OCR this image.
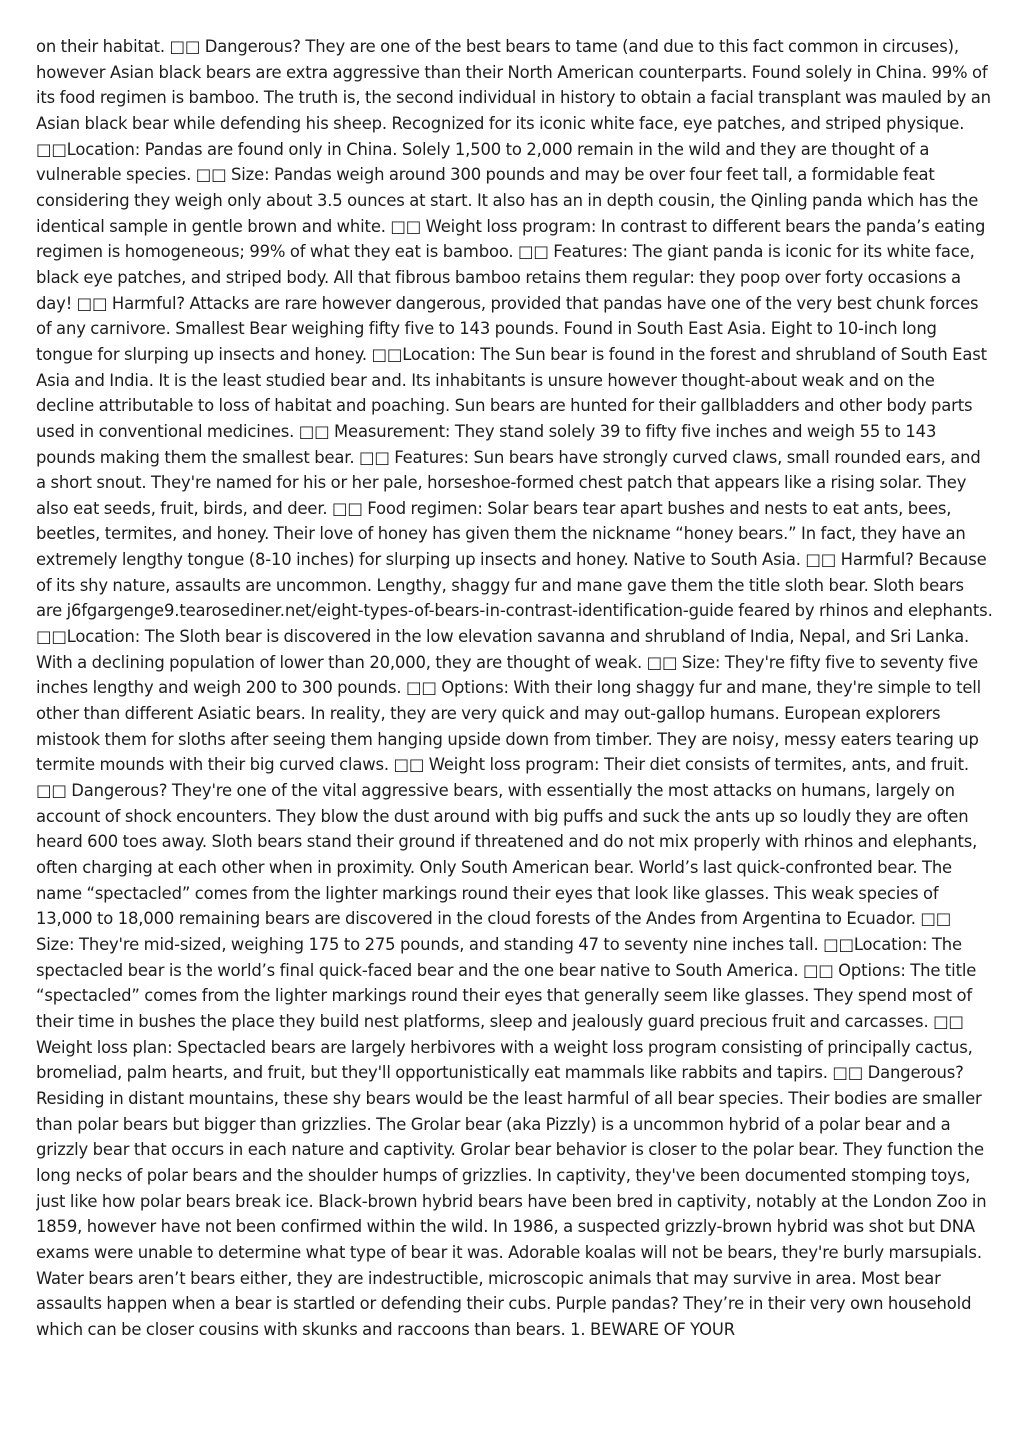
on their habitat. □□ Dangerous? They are one of the best bears to tame (and due to this fact common in circuses), however Asian black bears are extra aggressive than their North American counterparts. Found solely in China. 99% of its food regimen is bamboo. The truth is, the second individual in history to obtain a facial transplant was mauled by an Asian black bear while defending his sheep. Recognized for its iconic white face, eye patches, and striped physique. □□Location: Pandas are found only in China. Solely 1,500 to 2,000 remain in the wild and they are thought of a vulnerable species. □□ Size: Pandas weigh around 300 pounds and may be over four feet tall, a formidable feat considering they weigh only about 3.5 ounces at start. It also has an in depth cousin, the Qinling panda which has the identical sample in gentle brown and white. □□ Weight loss program: In contrast to different bears the panda’s eating regimen is homogeneous; 99% of what they eat is bamboo. □□ Features: The giant panda is iconic for its white face, black eye patches, and striped body. All that fibrous bamboo retains them regular: they poop over forty occasions a day! □□ Harmful? Attacks are rare however dangerous, provided that pandas have one of the very best chunk forces of any carnivore. Smallest Bear weighing fifty five to 143 pounds. Found in South East Asia. Eight to 10-inch long tongue for slurping up insects and honey. □□Location: The Sun bear is found in the forest and shrubland of South East Asia and India. It is the least studied bear and. Its inhabitants is unsure however thought-about weak and on the decline attributable to loss of habitat and poaching. Sun bears are hunted for their gallbladders and other body parts used in conventional medicines. □□ Measurement: They stand solely 39 to fifty five inches and weigh 55 to 143 pounds making them the smallest bear. □□ Features: Sun bears have strongly curved claws, small rounded ears, and a short snout. They're named for his or her pale, horseshoe-formed chest patch that appears like a rising solar. They also eat seeds, fruit, birds, and deer. □□ Food regimen: Solar bears tear apart bushes and nests to eat ants, bees, beetles, termites, and honey. Their love of honey has given them the nickname “honey bears.” In fact, they have an extremely lengthy tongue (8-10 inches) for slurping up insects and honey. Native to South Asia. □□ Harmful? Because of its shy nature, assaults are uncommon. Lengthy, shaggy fur and mane gave them the title sloth bear. Sloth bears are j6fgargenge9.tearosediner.net/eight-types-of-bears-in-contrast-identification-guide feared by rhinos and elephants. □□Location: The Sloth bear is discovered in the low elevation savanna and shrubland of India, Nepal, and Sri Lanka. With a declining population of lower than 20,000, they are thought of weak. □□ Size: They're fifty five to seventy five inches lengthy and weigh 200 to 300 pounds. □□ Options: With their long shaggy fur and mane, they're simple to tell other than different Asiatic bears. In reality, they are very quick and may out-gallop humans. European explorers mistook them for sloths after seeing them hanging upside down from timber. They are noisy, messy eaters tearing up termite mounds with their big curved claws. □□ Weight loss program: Their diet consists of termites, ants, and fruit. □□ Dangerous? They're one of the vital aggressive bears, with essentially the most attacks on humans, largely on account of shock encounters. They blow the dust around with big puffs and suck the ants up so loudly they are often heard 600 toes away. Sloth bears stand their ground if threatened and do not mix properly with rhinos and elephants, often charging at each other when in proximity. Only South American bear. World’s last quick-confronted bear. The name “spectacled” comes from the lighter markings round their eyes that look like glasses. This weak species of 13,000 to 18,000 remaining bears are discovered in the cloud forests of the Andes from Argentina to Ecuador. □□ Size: They're mid-sized, weighing 175 to 275 pounds, and standing 47 to seventy nine inches tall. □□Location: The spectacled bear is the world’s final quick-faced bear and the one bear native to South America. □□ Options: The title “spectacled” comes from the lighter markings round their eyes that generally seem like glasses. They spend most of their time in bushes the place they build nest platforms, sleep and jealously guard precious fruit and carcasses. □□ Weight loss plan: Spectacled bears are largely herbivores with a weight loss program consisting of principally cactus, bromeliad, palm hearts, and fruit, but they'll opportunistically eat mammals like rabbits and tapirs. □□ Dangerous? Residing in distant mountains, these shy bears would be the least harmful of all bear species. Their bodies are smaller than polar bears but bigger than grizzlies. The Grolar bear (aka Pizzly) is a uncommon hybrid of a polar bear and a grizzly bear that occurs in each nature and captivity. Grolar bear behavior is closer to the polar bear. They function the long necks of polar bears and the shoulder humps of grizzlies. In captivity, they've been documented stomping toys, just like how polar bears break ice. Black-brown hybrid bears have been bred in captivity, notably at the London Zoo in 1859, however have not been confirmed within the wild. In 1986, a suspected grizzly-brown hybrid was shot but DNA exams were unable to determine what type of bear it was. Adorable koalas will not be bears, they're burly marsupials. Water bears aren’t bears either, they are indestructible, microscopic animals that may survive in area. Most bear assaults happen when a bear is startled or defending their cubs. Purple pandas? They’re in their very own household which can be closer cousins with skunks and raccoons than bears. 1. BEWARE OF YOUR
